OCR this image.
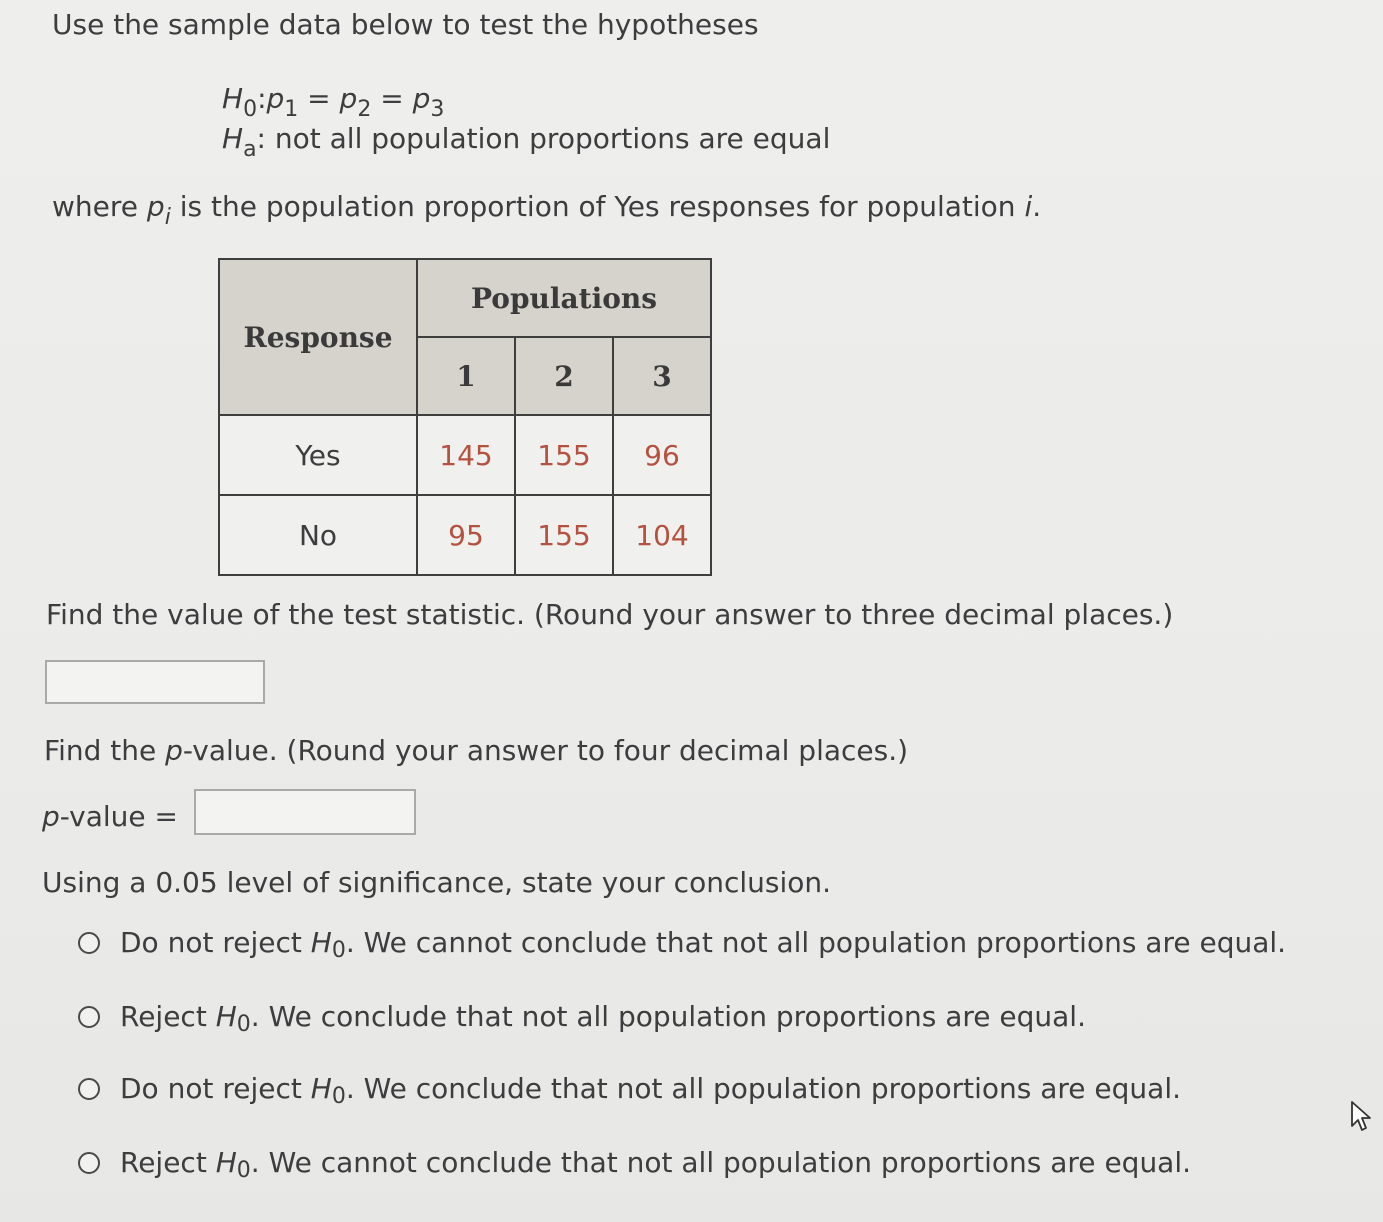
Use the sample data below to test the hypotheses
$H_0:p_1 = p_2 = p_3$
$H_a$: not all population proportions are equal
where $p_i$ is the population proportion of Yes responses for population i.
Response	Populations		
	1	2	3
Yes	145	155	96
No	95	155	104
Find the value of the test statistic. (Round your answer to three decimal places.)
Find the p-value. (Round your answer to four decimal places.)
p-value =
Using a 0.05 level of significance, state your conclusion.
Do not reject H 0 . We cannot conclude that not all population proportions are equal.
Reject H 0 . We conclude that not all population proportions are equal.
Do not reject H 0 . We conclude that not all population proportions are equal.
Reject H 0 . We cannot conclude that not all population proportions are equal.
